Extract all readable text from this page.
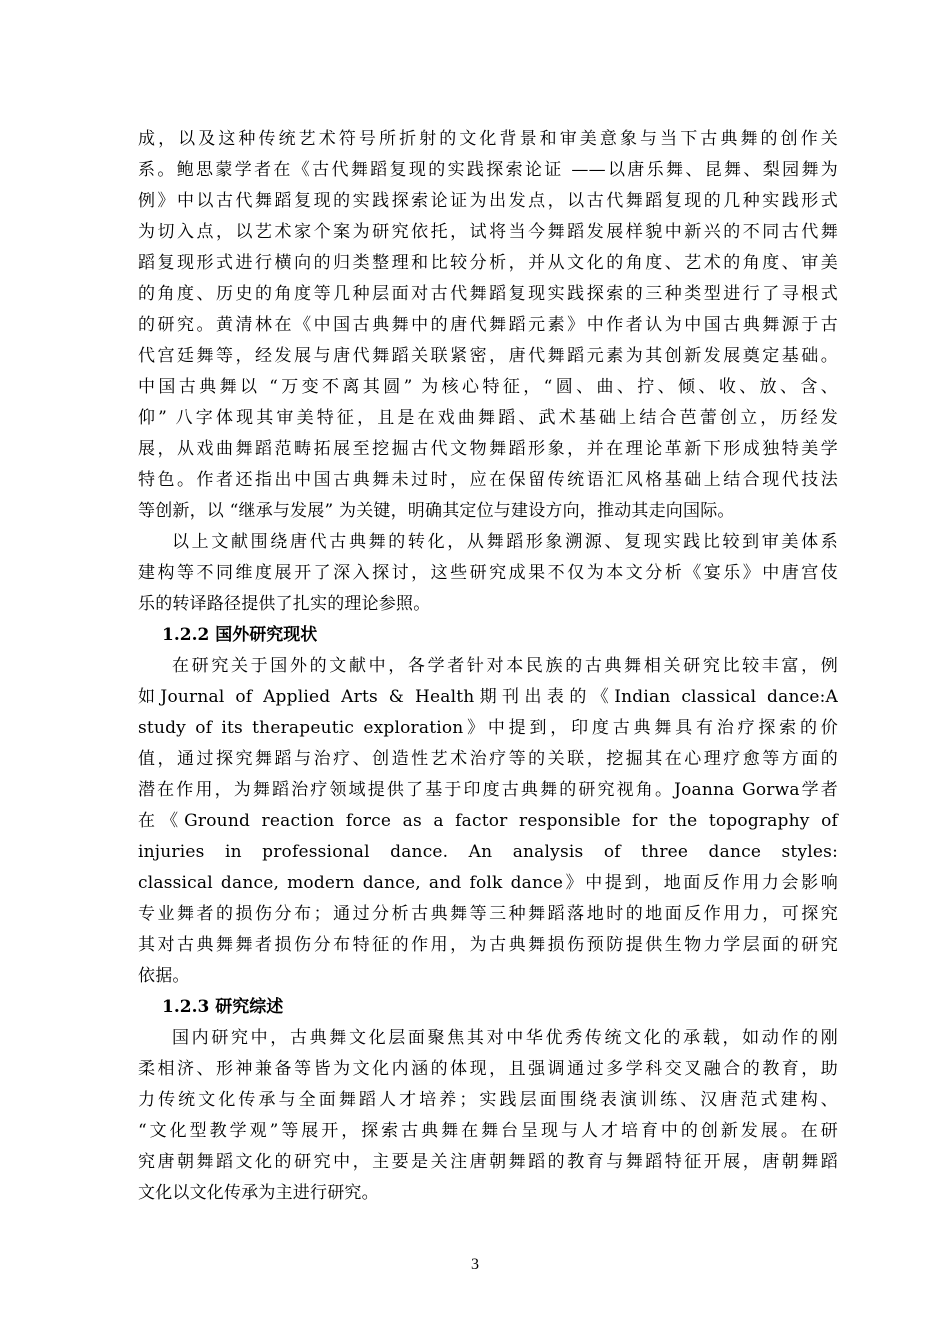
成，以及这种传统艺术符号所折射的文化背景和审美意象与当下古典舞的创作关
系。鲍思蒙学者在《古代舞蹈复现的实践探索论证 ——以唐乐舞、昆舞、梨园舞为
例》中以古代舞蹈复现的实践探索论证为出发点，以古代舞蹈复现的几种实践形式
为切入点，以艺术家个案为研究依托，试将当今舞蹈发展样貌中新兴的不同古代舞
蹈复现形式进行横向的归类整理和比较分析，并从文化的角度、艺术的角度、审美
的角度、历史的角度等几种层面对古代舞蹈复现实践探索的三种类型进行了寻根式
的研究。黄清林在《中国古典舞中的唐代舞蹈元素》中作者认为中国古典舞源于古
代宫廷舞等，经发展与唐代舞蹈关联紧密，唐代舞蹈元素为其创新发展奠定基础。
中国古典舞以 “万变不离其圆” 为核心特征，“圆、曲、拧、倾、收、放、含、
仰” 八字体现其审美特征，且是在戏曲舞蹈、武术基础上结合芭蕾创立，历经发
展，从戏曲舞蹈范畴拓展至挖掘古代文物舞蹈形象，并在理论革新下形成独特美学
特色。作者还指出中国古典舞未过时，应在保留传统语汇风格基础上结合现代技法
等创新，以 “继承与发展” 为关键，明确其定位与建设方向，推动其走向国际。
以上文献围绕唐代古典舞的转化，从舞蹈形象溯源、复现实践比较到审美体系
建构等不同维度展开了深入探讨，这些研究成果不仅为本文分析《宴乐》中唐宫伎
乐的转译路径提供了扎实的理论参照。
1.2.2 国外研究现状
在研究关于国外的文献中，各学者针对本民族的古典舞相关研究比较丰富，例
如Journal of Applied Arts & Health期刊出表的《Indian classical dance:A
study of its therapeutic exploration》中提到，印度古典舞具有治疗探索的价
值，通过探究舞蹈与治疗、创造性艺术治疗等的关联，挖掘其在心理疗愈等方面的
潜在作用，为舞蹈治疗领域提供了基于印度古典舞的研究视角。Joanna Gorwa学者
在《Ground reaction force as a factor responsible for the topography of
injuries in professional dance. An analysis of three dance styles:
classical dance, modern dance, and folk dance》中提到，地面反作用力会影响
专业舞者的损伤分布；通过分析古典舞等三种舞蹈落地时的地面反作用力，可探究
其对古典舞舞者损伤分布特征的作用，为古典舞损伤预防提供生物力学层面的研究
依据。
1.2.3 研究综述
国内研究中，古典舞文化层面聚焦其对中华优秀传统文化的承载，如动作的刚
柔相济、形神兼备等皆为文化内涵的体现，且强调通过多学科交叉融合的教育，助
力传统文化传承与全面舞蹈人才培养；实践层面围绕表演训练、汉唐范式建构、
“文化型教学观”等展开，探索古典舞在舞台呈现与人才培育中的创新发展。在研
究唐朝舞蹈文化的研究中，主要是关注唐朝舞蹈的教育与舞蹈特征开展，唐朝舞蹈
文化以文化传承为主进行研究。
3
